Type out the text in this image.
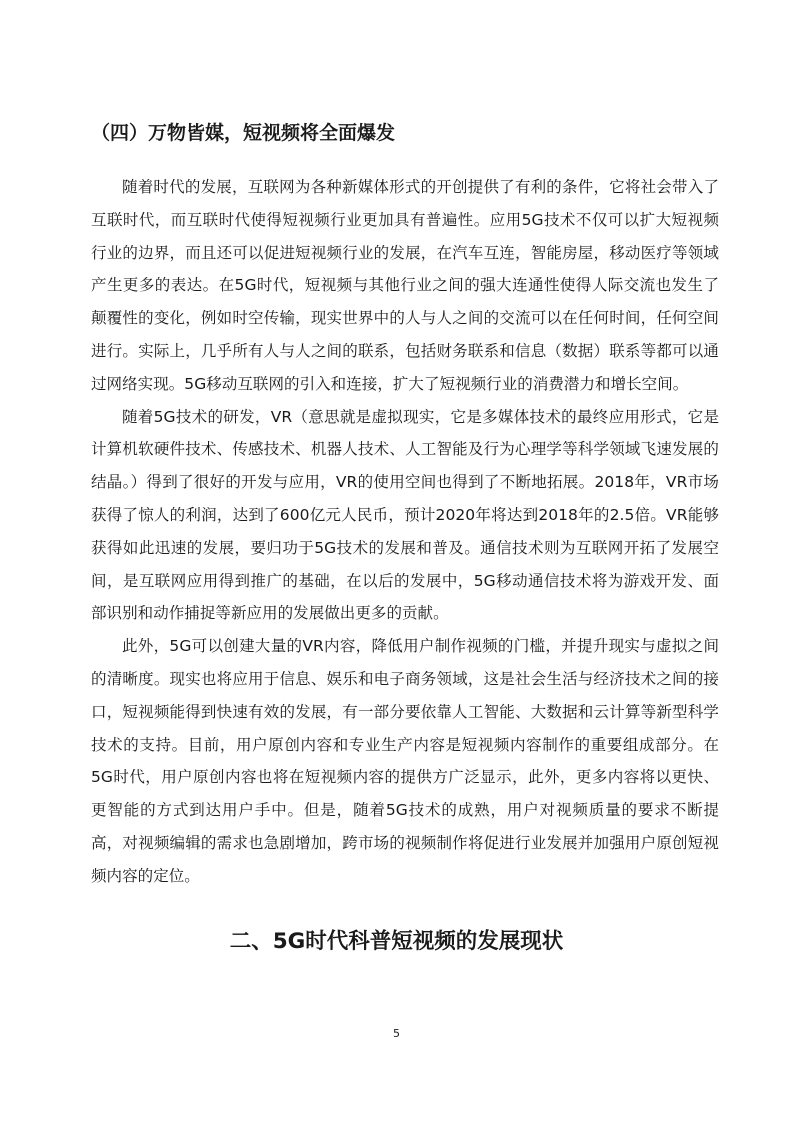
（四）万物皆媒，短视频将全面爆发

随着时代的发展，互联网为各种新媒体形式的开创提供了有利的条件，它将社会带入了互联时代，而互联时代使得短视频行业更加具有普遍性。应用5G技术不仅可以扩大短视频行业的边界，而且还可以促进短视频行业的发展，在汽车互连，智能房屋，移动医疗等领域产生更多的表达。在5G时代，短视频与其他行业之间的强大连通性使得人际交流也发生了颠覆性的变化，例如时空传输，现实世界中的人与人之间的交流可以在任何时间，任何空间进行。实际上，几乎所有人与人之间的联系，包括财务联系和信息（数据）联系等都可以通过网络实现。5G移动互联网的引入和连接，扩大了短视频行业的消费潜力和增长空间。

随着5G技术的研发，VR（意思就是虚拟现实，它是多媒体技术的最终应用形式，它是计算机软硬件技术、传感技术、机器人技术、人工智能及行为心理学等科学领域飞速发展的结晶。）得到了很好的开发与应用，VR的使用空间也得到了不断地拓展。2018年，VR市场获得了惊人的利润，达到了600亿元人民币，预计2020年将达到2018年的2.5倍。VR能够获得如此迅速的发展，要归功于5G技术的发展和普及。通信技术则为互联网开拓了发展空间，是互联网应用得到推广的基础，在以后的发展中，5G移动通信技术将为游戏开发、面部识别和动作捕捉等新应用的发展做出更多的贡献。

此外，5G可以创建大量的VR内容，降低用户制作视频的门槛，并提升现实与虚拟之间的清晰度。现实也将应用于信息、娱乐和电子商务领域，这是社会生活与经济技术之间的接口，短视频能得到快速有效的发展，有一部分要依靠人工智能、大数据和云计算等新型科学技术的支持。目前，用户原创内容和专业生产内容是短视频内容制作的重要组成部分。在5G时代，用户原创内容也将在短视频内容的提供方广泛显示，此外，更多内容将以更快、更智能的方式到达用户手中。但是，随着5G技术的成熟，用户对视频质量的要求不断提高，对视频编辑的需求也急剧增加，跨市场的视频制作将促进行业发展并加强用户原创短视频内容的定位。

二、5G时代科普短视频的发展现状
5
